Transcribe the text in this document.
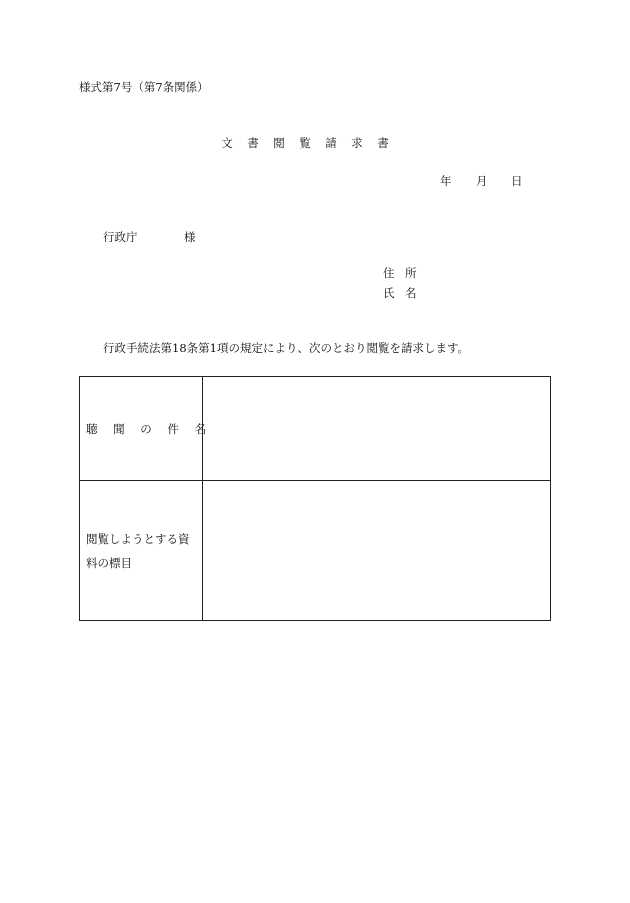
様式第7号（第7条関係）
文 書 閲 覧 請 求 書
年 月 日
行政庁	様
住 所
氏 名
行政手続法第18条第1項の規定により、次のとおり閲覧を請求します。
聴 聞 の 件 名	

閲覧しようとする資
料の標目	
